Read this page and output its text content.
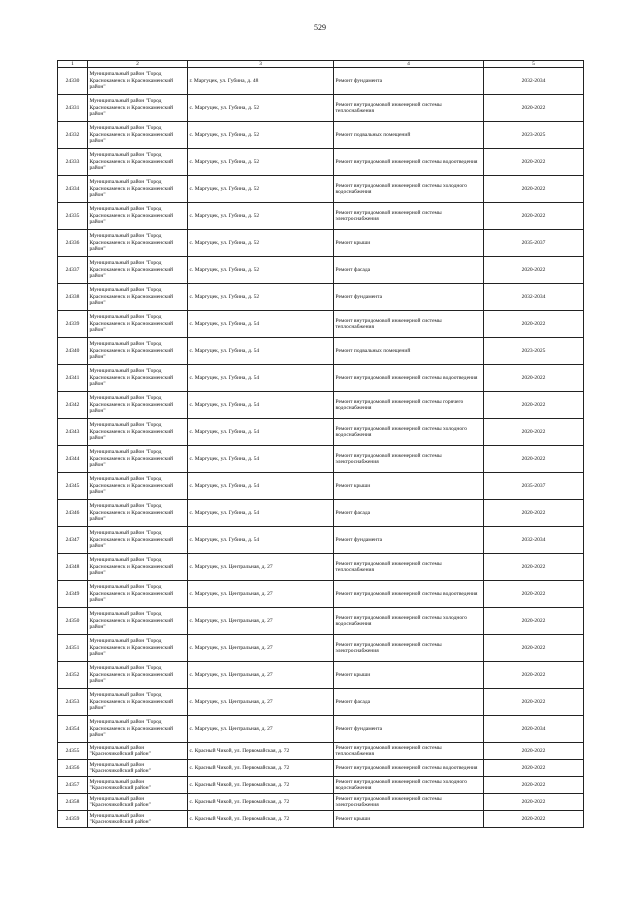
529
1	2	3	4	5
24330	Муниципальный район "Город Краснокаменск и Краснокаменский район"	г. Маргуцек, ул. Губина, д. 48	Ремонт фундамента	2032-2034
24331	Муниципальный район "Город Краснокаменск и Краснокаменский район"	с. Маргуцек, ул. Губина, д. 52	Ремонт внутридомовой инженерной системы теплоснабжения	2020-2022
24332	Муниципальный район "Город Краснокаменск и Краснокаменский район"	с. Маргуцек, ул. Губина, д. 52	Ремонт подвальных помещений	2023-2025
24333	Муниципальный район "Город Краснокаменск и Краснокаменский район"	с. Маргуцек, ул. Губина, д. 52	Ремонт внутридомовой инженерной системы водоотведения	2020-2022
24334	Муниципальный район "Город Краснокаменск и Краснокаменский район"	с. Маргуцек, ул. Губина, д. 52	Ремонт внутридомовой инженерной системы холодного водоснабжения	2020-2022
24335	Муниципальный район "Город Краснокаменск и Краснокаменский район"	с. Маргуцек, ул. Губина, д. 52	Ремонт внутридомовой инженерной системы электроснабжения	2020-2022
24336	Муниципальный район "Город Краснокаменск и Краснокаменский район"	с. Маргуцек, ул. Губина, д. 52	Ремонт крыши	2035-2037
24337	Муниципальный район "Город Краснокаменск и Краснокаменский район"	с. Маргуцек, ул. Губина, д. 52	Ремонт фасада	2020-2022
24338	Муниципальный район "Город Краснокаменск и Краснокаменский район"	с. Маргуцек, ул. Губина, д. 52	Ремонт фундамента	2032-2034
24339	Муниципальный район "Город Краснокаменск и Краснокаменский район"	с. Маргуцек, ул. Губина, д. 54	Ремонт внутридомовой инженерной системы теплоснабжения	2020-2022
24340	Муниципальный район "Город Краснокаменск и Краснокаменский район"	с. Маргуцек, ул. Губина, д. 54	Ремонт подвальных помещений	2023-2025
24341	Муниципальный район "Город Краснокаменск и Краснокаменский район"	с. Маргуцек, ул. Губина, д. 54	Ремонт внутридомовой инженерной системы водоотведения	2020-2022
24342	Муниципальный район "Город Краснокаменск и Краснокаменский район"	с. Маргуцек, ул. Губина, д. 54	Ремонт внутридомовой инженерной системы горячего водоснабжения	2020-2022
24343	Муниципальный район "Город Краснокаменск и Краснокаменский район"	с. Маргуцек, ул. Губина, д. 54	Ремонт внутридомовой инженерной системы холодного водоснабжения	2020-2022
24344	Муниципальный район "Город Краснокаменск и Краснокаменский район"	с. Маргуцек, ул. Губина, д. 54	Ремонт внутридомовой инженерной системы электроснабжения	2020-2022
24345	Муниципальный район "Город Краснокаменск и Краснокаменский район"	с. Маргуцек, ул. Губина, д. 54	Ремонт крыши	2035-2037
24346	Муниципальный район "Город Краснокаменск и Краснокаменский район"	с. Маргуцек, ул. Губина, д. 54	Ремонт фасада	2020-2022
24347	Муниципальный район "Город Краснокаменск и Краснокаменский район"	с. Маргуцек, ул. Губина, д. 54	Ремонт фундамента	2032-2034
24348	Муниципальный район "Город Краснокаменск и Краснокаменский район"	с. Маргуцек, ул. Центральная, д. 27	Ремонт внутридомовой инженерной системы теплоснабжения	2020-2022
24349	Муниципальный район "Город Краснокаменск и Краснокаменский район"	с. Маргуцек, ул. Центральная, д. 27	Ремонт внутридомовой инженерной системы водоотведения	2020-2022
24350	Муниципальный район "Город Краснокаменск и Краснокаменский район"	с. Маргуцек, ул. Центральная, д. 27	Ремонт внутридомовой инженерной системы холодного водоснабжения	2020-2022
24351	Муниципальный район "Город Краснокаменск и Краснокаменский район"	с. Маргуцек, ул. Центральная, д. 27	Ремонт внутридомовой инженерной системы электроснабжения	2020-2022
24352	Муниципальный район "Город Краснокаменск и Краснокаменский район"	с. Маргуцек, ул. Центральная, д. 27	Ремонт крыши	2020-2022
24353	Муниципальный район "Город Краснокаменск и Краснокаменский район"	с. Маргуцек, ул. Центральная, д. 27	Ремонт фасада	2020-2022
24354	Муниципальный район "Город Краснокаменск и Краснокаменский район"	с. Маргуцек, ул. Центральная, д. 27	Ремонт фундамента	2020-2034
24355	Муниципальный район "Красночикойский район"	с. Красный Чикой, ул. Первомайская, д. 72	Ремонт внутридомовой инженерной системы теплоснабжения	2020-2022
24356	Муниципальный район "Красночикойский район"	с. Красный Чикой, ул. Первомайская, д. 72	Ремонт внутридомовой инженерной системы водоотведения	2020-2022
24357	Муниципальный район "Красночикойский район"	с. Красный Чикой, ул. Первомайская, д. 72	Ремонт внутридомовой инженерной системы холодного водоснабжения	2020-2022
24358	Муниципальный район "Красночикойский район"	с. Красный Чикой, ул. Первомайская, д. 72	Ремонт внутридомовой инженерной системы электроснабжения	2020-2022
24359	Муниципальный район "Красночикойский район"	с. Красный Чикой, ул. Первомайская, д. 72	Ремонт крыши	2020-2022
